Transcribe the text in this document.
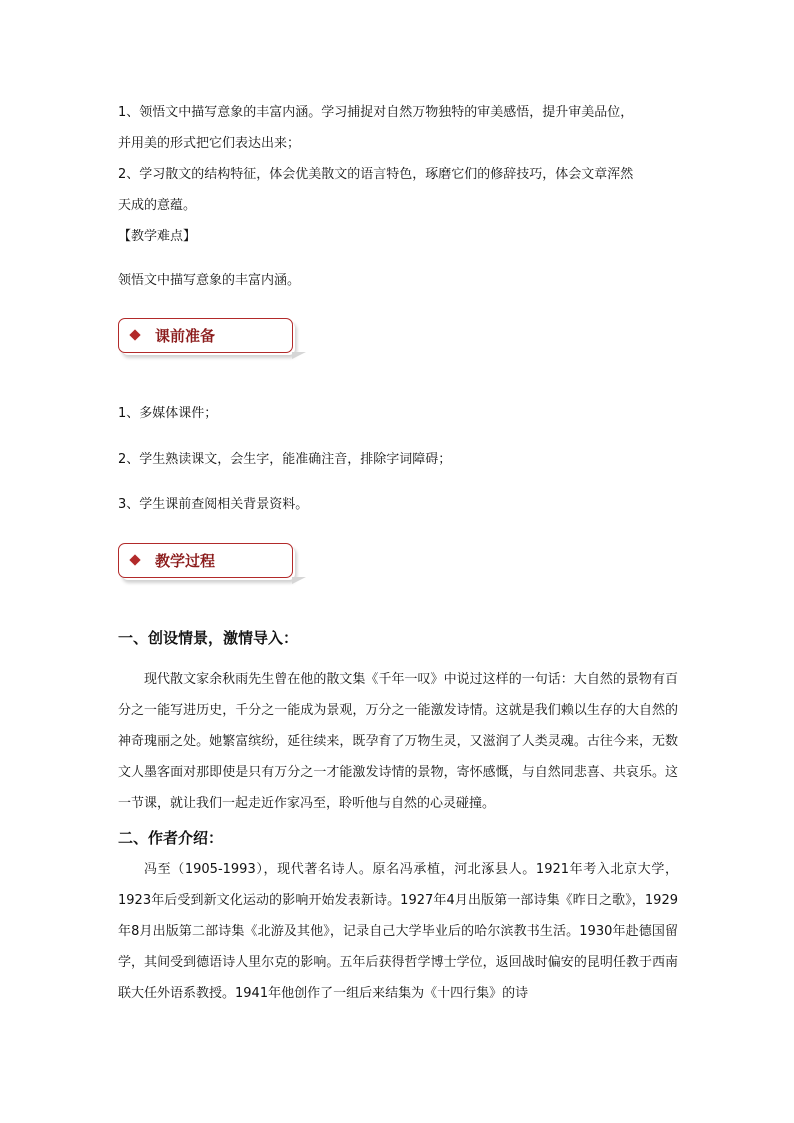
1、领悟文中描写意象的丰富内涵。学习捕捉对自然万物独特的审美感悟，提升审美品位，
并用美的形式把它们表达出来；
2、学习散文的结构特征，体会优美散文的语言特色，琢磨它们的修辞技巧，体会文章浑然
天成的意蕴。
【教学难点】
领悟文中描写意象的丰富内涵。
课前准备
1、多媒体课件；
2、学生熟读课文，会生字，能准确注音，排除字词障碍；
3、学生课前查阅相关背景资料。
教学过程
一、创设情景，激情导入：

现代散文家余秋雨先生曾在他的散文集《千年一叹》中说过这样的一句话：大自然的景物有百分之一能写进历史，千分之一能成为景观，万分之一能激发诗情。这就是我们赖以生存的大自然的神奇瑰丽之处。她繁富缤纷，延往续来，既孕育了万物生灵，又滋润了人类灵魂。古往今来，无数文人墨客面对那即使是只有万分之一才能激发诗情的景物，寄怀感慨，与自然同悲喜、共哀乐。这一节课，就让我们一起走近作家冯至，聆听他与自然的心灵碰撞。

二、作者介绍：

冯至（1905-1993），现代著名诗人。原名冯承植，河北涿县人。1921年考入北京大学，1923年后受到新文化运动的影响开始发表新诗。1927年4月出版第一部诗集《昨日之歌》，1929年8月出版第二部诗集《北游及其他》，记录自己大学毕业后的哈尔滨教书生活。1930年赴德国留学，其间受到德语诗人里尔克的影响。五年后获得哲学博士学位，返回战时偏安的昆明任教于西南联大任外语系教授。1941年他创作了一组后来结集为《十四行集》的诗
